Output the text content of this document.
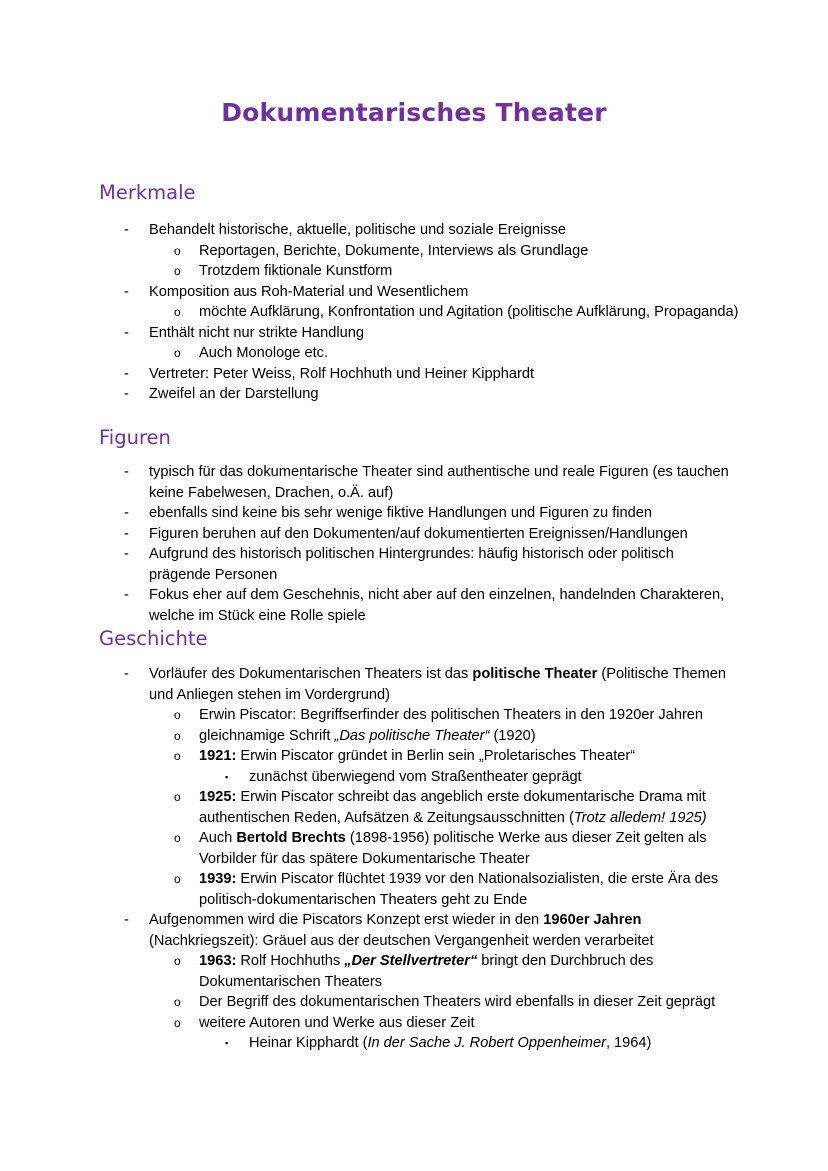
Dokumentarisches Theater
Merkmale
- Behandelt historische, aktuelle, politische und soziale Ereignisse
o Reportagen, Berichte, Dokumente, Interviews als Grundlage
o Trotzdem fiktionale Kunstform
- Komposition aus Roh-Material und Wesentlichem
o möchte Aufklärung, Konfrontation und Agitation (politische Aufklärung, Propaganda)
- Enthält nicht nur strikte Handlung
o Auch Monologe etc.
- Vertreter: Peter Weiss, Rolf Hochhuth und Heiner Kipphardt
- Zweifel an der Darstellung
Figuren
- typisch für das dokumentarische Theater sind authentische und reale Figuren (es tauchen keine Fabelwesen, Drachen, o.Ä. auf)
- ebenfalls sind keine bis sehr wenige fiktive Handlungen und Figuren zu finden
- Figuren beruhen auf den Dokumenten/auf dokumentierten Ereignissen/Handlungen
- Aufgrund des historisch politischen Hintergrundes: häufig historisch oder politisch prägende Personen
- Fokus eher auf dem Geschehnis, nicht aber auf den einzelnen, handelnden Charakteren, welche im Stück eine Rolle spiele
Geschichte
- Vorläufer des Dokumentarischen Theaters ist das politische Theater (Politische Themen und Anliegen stehen im Vordergrund)
o Erwin Piscator: Begriffserfinder des politischen Theaters in den 1920er Jahren
o gleichnamige Schrift „Das politische Theater“ (1920)
o 1921: Erwin Piscator gründet in Berlin sein „Proletarisches Theater“
▪ zunächst überwiegend vom Straßentheater geprägt
o 1925: Erwin Piscator schreibt das angeblich erste dokumentarische Drama mit authentischen Reden, Aufsätzen & Zeitungsausschnitten (Trotz alledem! 1925)
o Auch Bertold Brechts (1898-1956) politische Werke aus dieser Zeit gelten als Vorbilder für das spätere Dokumentarische Theater
o 1939: Erwin Piscator flüchtet 1939 vor den Nationalsozialisten, die erste Ära des politisch-dokumentarischen Theaters geht zu Ende
- Aufgenommen wird die Piscators Konzept erst wieder in den 1960er Jahren (Nachkriegszeit): Gräuel aus der deutschen Vergangenheit werden verarbeitet
o 1963: Rolf Hochhuths „Der Stellvertreter“ bringt den Durchbruch des Dokumentarischen Theaters
o Der Begriff des dokumentarischen Theaters wird ebenfalls in dieser Zeit geprägt
o weitere Autoren und Werke aus dieser Zeit
▪ Heinar Kipphardt (In der Sache J. Robert Oppenheimer, 1964)
